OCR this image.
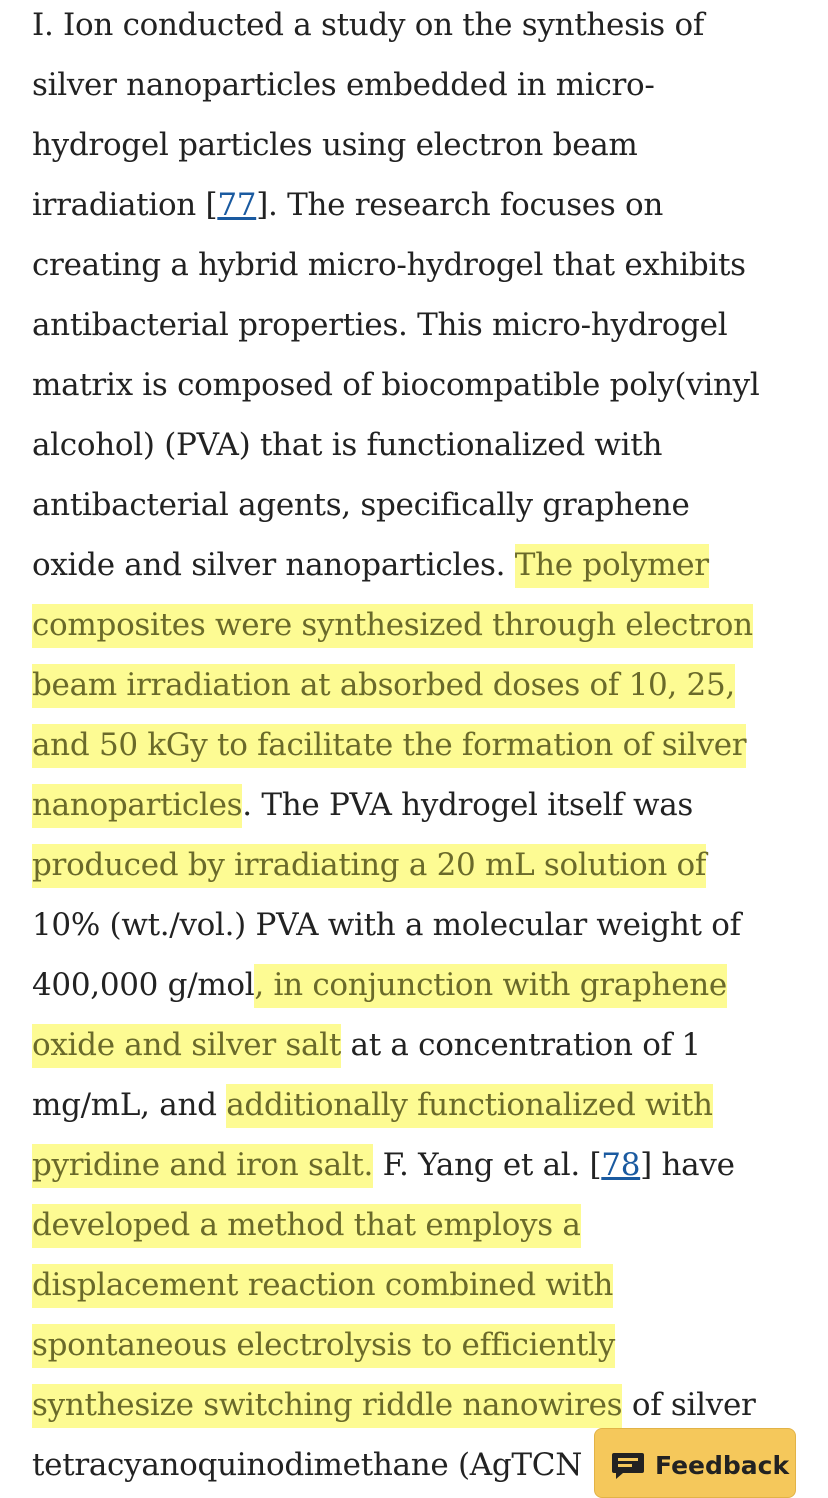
I. Ion conducted a study on the synthesis of
silver nanoparticles embedded in micro-
hydrogel particles using electron beam
irradiation [77]. The research focuses on
creating a hybrid micro-hydrogel that exhibits
antibacterial properties. This micro-hydrogel
matrix is composed of biocompatible poly(vinyl
alcohol) (PVA) that is functionalized with
antibacterial agents, specifically graphene
oxide and silver nanoparticles. The polymer
composites were synthesized through electron
beam irradiation at absorbed doses of 10, 25,
and 50 kGy to facilitate the formation of silver
nanoparticles. The PVA hydrogel itself was
produced by irradiating a 20 mL solution of
10% (wt./vol.) PVA with a molecular weight of
400,000 g/mol, in conjunction with graphene
oxide and silver salt at a concentration of 1
mg/mL, and additionally functionalized with
pyridine and iron salt. F. Yang et al. [78] have
developed a method that employs a
displacement reaction combined with
spontaneous electrolysis to efficiently
synthesize switching riddle nanowires of silver
tetracyanoquinodimethane (AgTCN	Feedback
